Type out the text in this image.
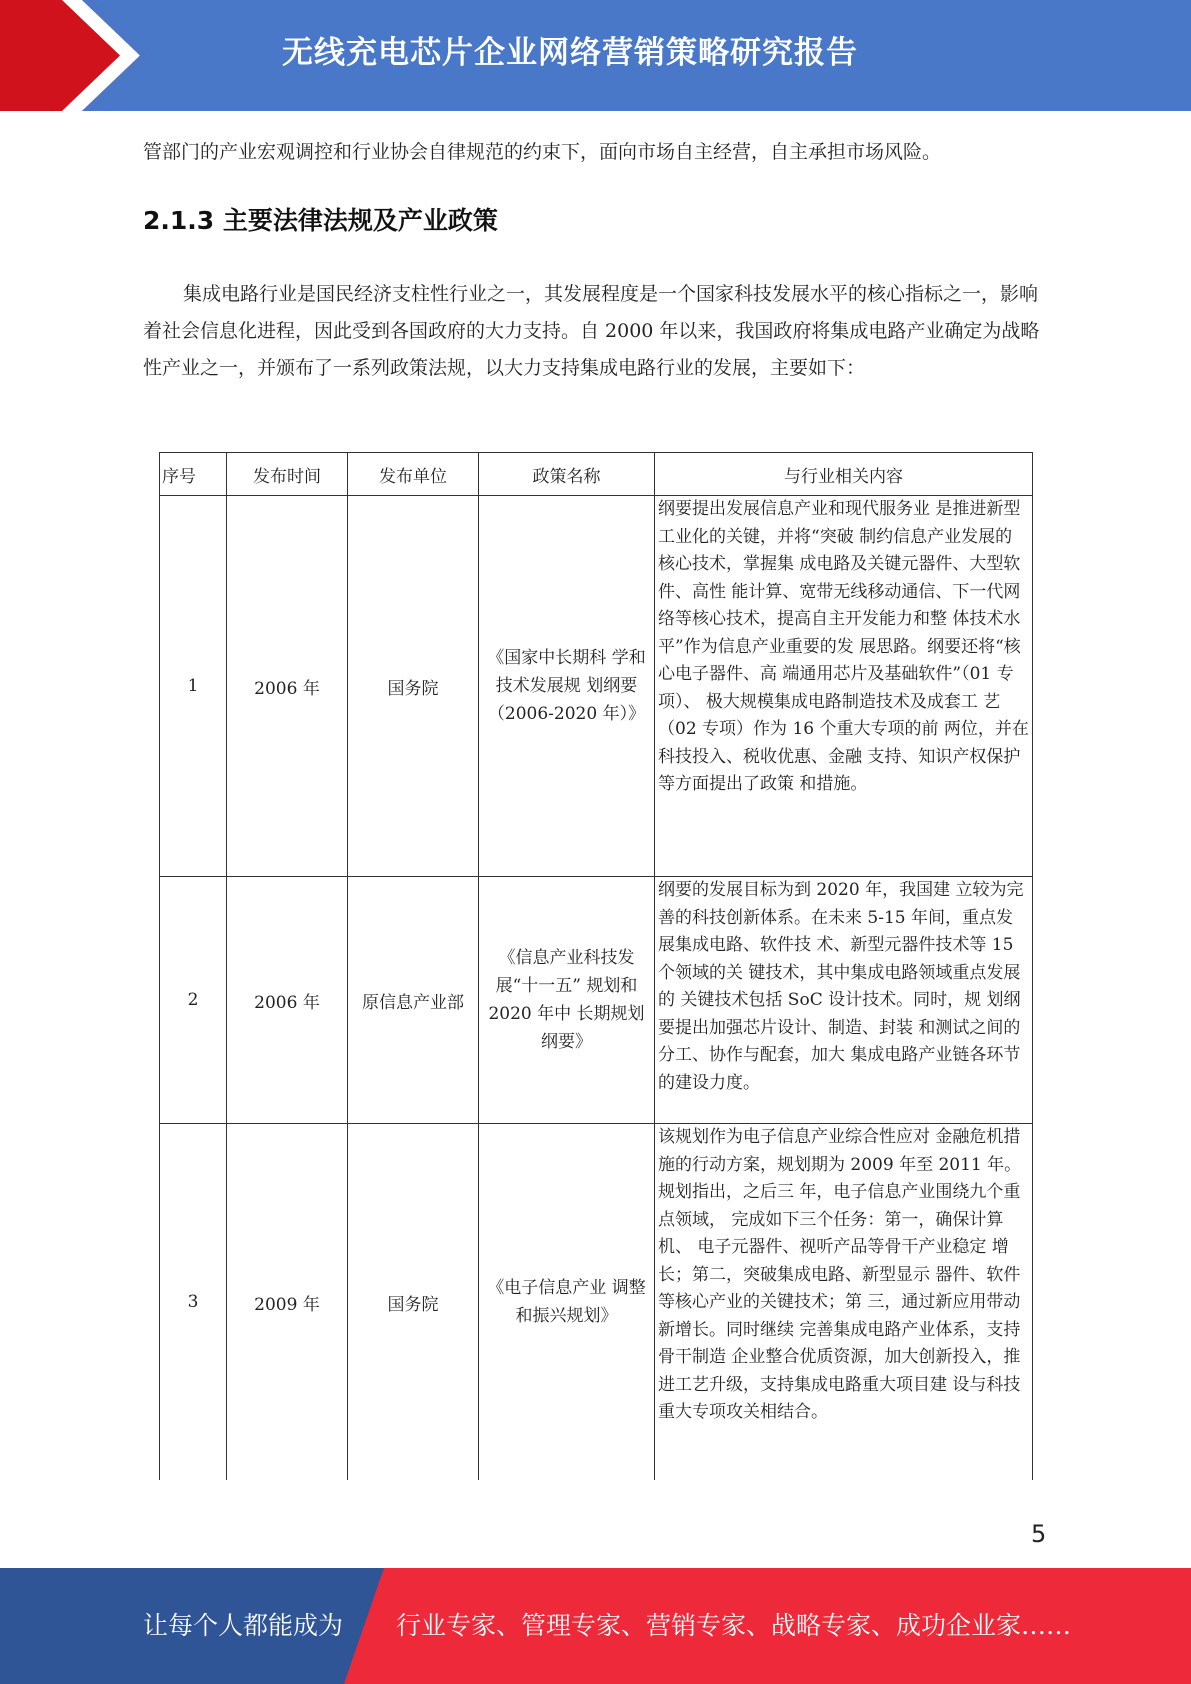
无线充电芯片企业网络营销策略研究报告
管部门的产业宏观调控和行业协会自律规范的约束下，面向市场自主经营，自主承担市场风险。
2.1.3 主要法律法规及产业政策
集成电路行业是国民经济支柱性行业之一，其发展程度是一个国家科技发展水平的核心指标之一，影响着社会信息化进程，因此受到各国政府的大力支持。自 2000 年以来，我国政府将集成电路产业确定为战略性产业之一，并颁布了一系列政策法规，以大力支持集成电路行业的发展，主要如下：
序号	发布时间	发布单位	政策名称	与行业相关内容
1	2006 年	国务院	《国家中长期科 学和技术发展规 划纲要（2006-2020 年）》	纲要提出发展信息产业和现代服务业 是推进新型工业化的关键，并将“突破 制约信息产业发展的核心技术，掌握集 成电路及关键元器件、大型软件、高性 能计算、宽带无线移动通信、下一代网 络等核心技术，提高自主开发能力和整 体技术水平”作为信息产业重要的发 展思路。纲要还将“核心电子器件、高 端通用芯片及基础软件”（01 专项）、 极大规模集成电路制造技术及成套工 艺（02 专项）作为 16 个重大专项的前 两位，并在科技投入、税收优惠、金融 支持、知识产权保护等方面提出了政策 和措施。
2	2006 年	原信息产业部	《信息产业科技发展“十一五” 规划和 2020 年中 长期规划纲要》	纲要的发展目标为到 2020 年，我国建 立较为完善的科技创新体系。在未来 5-15 年间，重点发展集成电路、软件技 术、新型元器件技术等 15 个领域的关 键技术，其中集成电路领域重点发展的 关键技术包括 SoC 设计技术。同时，规 划纲要提出加强芯片设计、制造、封装 和测试之间的分工、协作与配套，加大 集成电路产业链各环节的建设力度。
3	2009 年	国务院	《电子信息产业 调整和振兴规划》	该规划作为电子信息产业综合性应对 金融危机措施的行动方案，规划期为 2009 年至 2011 年。规划指出，之后三 年，电子信息产业围绕九个重点领域， 完成如下三个任务：第一，确保计算机、 电子元器件、视听产品等骨干产业稳定 增长；第二，突破集成电路、新型显示 器件、软件等核心产业的关键技术；第 三，通过新应用带动新增长。同时继续 完善集成电路产业体系，支持骨干制造 企业整合优质资源，加大创新投入，推 进工艺升级，支持集成电路重大项目建 设与科技重大专项攻关相结合。
5
让每个人都能成为 行业专家、管理专家、营销专家、战略专家、成功企业家……
